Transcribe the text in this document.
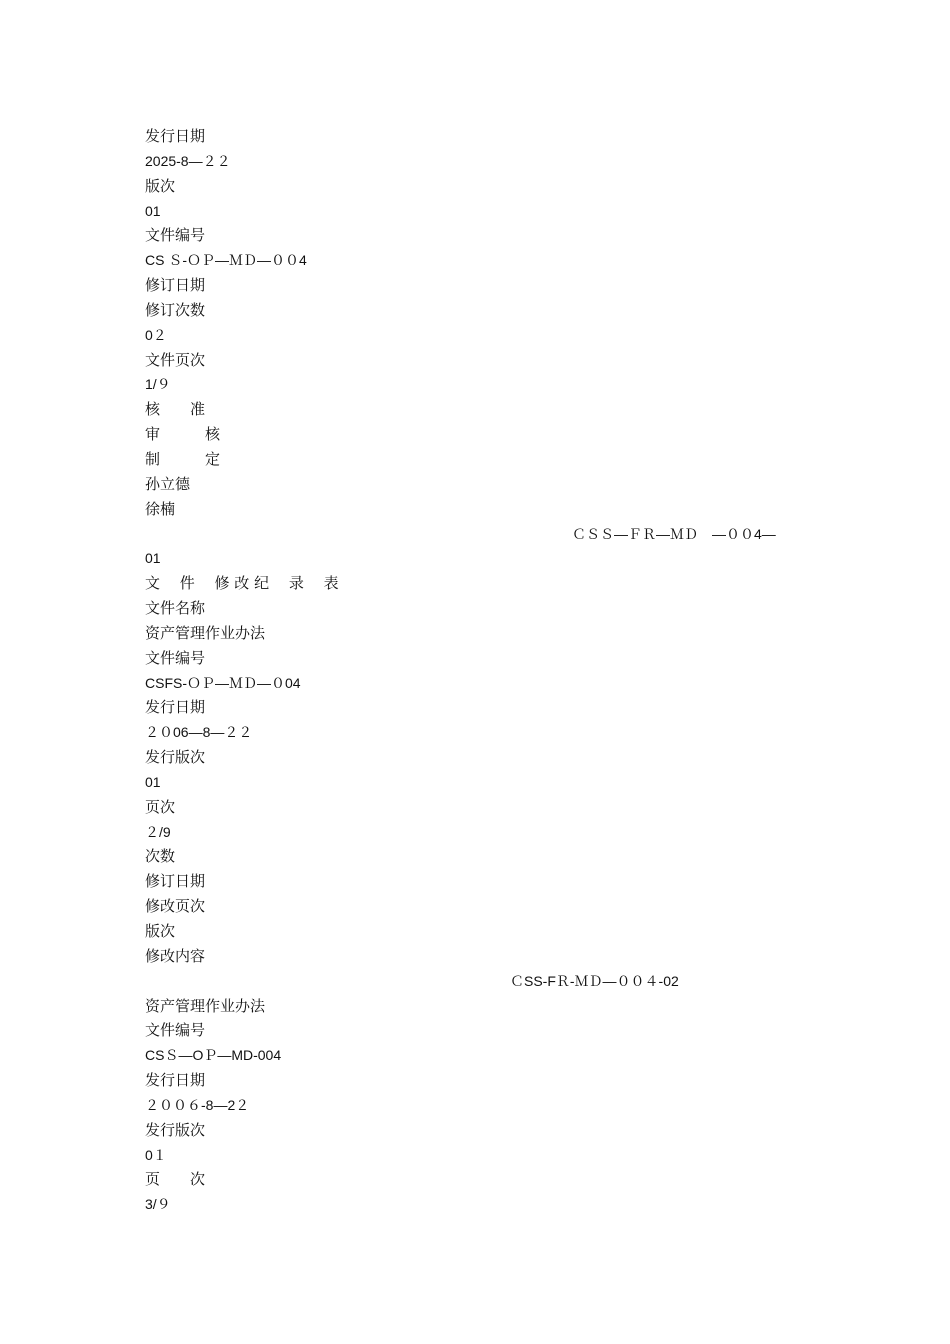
发行日期
2025-8—２２
版次
01
文件编号
CS Ｓ-ＯＰ—ＭＤ—００4
修订日期
修订次数
0２
文件页次
1/９
核　　准
审　　　核
制　　　定
孙立德
徐楠
ＣＳＳ—ＦＲ—ＭＤ　—００4—
01
文　 件　 修 改 纪　 录　 表
文件名称
资产管理作业办法
文件编号
CSFS-ＯＰ—ＭＤ—０04
发行日期
２０06—8—２２
发行版次
01
页次
２/9
次数
修订日期
修改页次
版次
修改内容
ＣSS-FＲ-ＭＤ—００４-02
资产管理作业办法
文件编号
CSＳ—OＰ—MD-004
发行日期
２００６-8—2２
发行版次
0１
页　　次
3/９
